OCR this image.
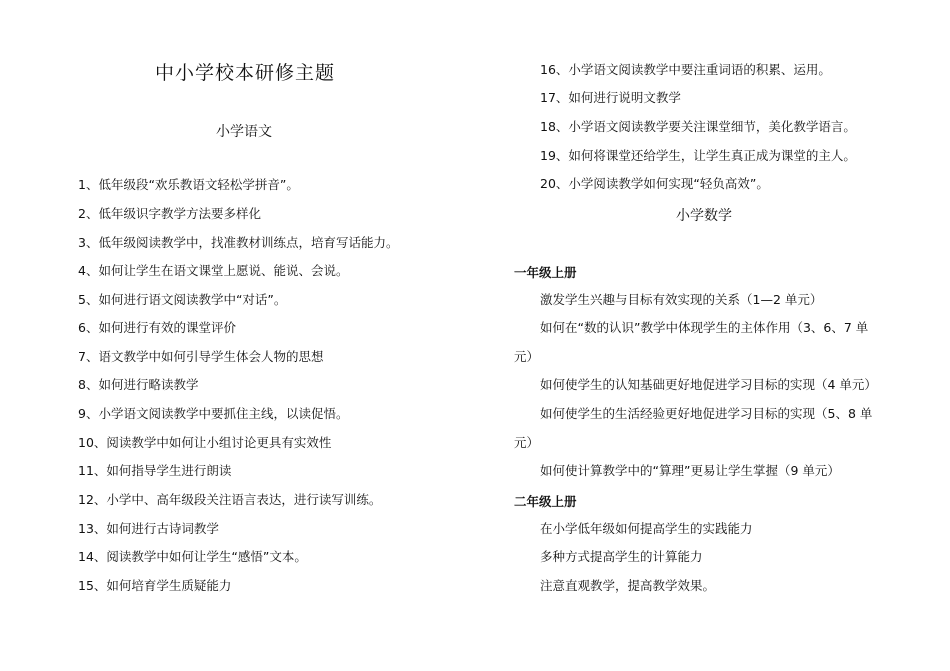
中小学校本研修主题
小学语文
1、低年级段“欢乐教语文轻松学拼音”。
2、低年级识字教学方法要多样化
3、低年级阅读教学中，找准教材训练点，培育写话能力。
4、如何让学生在语文课堂上愿说、能说、会说。
5、如何进行语文阅读教学中“对话”。
6、如何进行有效的课堂评价
7、语文教学中如何引导学生体会人物的思想
8、如何进行略读教学
9、小学语文阅读教学中要抓住主线，以读促悟。
10、阅读教学中如何让小组讨论更具有实效性
11、如何指导学生进行朗读
12、小学中、高年级段关注语言表达，进行读写训练。
13、如何进行古诗词教学
14、阅读教学中如何让学生“感悟”文本。
15、如何培育学生质疑能力
16、小学语文阅读教学中要注重词语的积累、运用。
17、如何进行说明文教学
18、小学语文阅读教学要关注课堂细节，美化教学语言。
19、如何将课堂还给学生，让学生真正成为课堂的主人。
20、小学阅读教学如何实现“轻负高效”。
小学数学
一年级上册
激发学生兴趣与目标有效实现的关系（1—2 单元）
如何在“数的认识”教学中体现学生的主体作用（3、6、7 单
元）
如何使学生的认知基础更好地促进学习目标的实现（4 单元）
如何使学生的生活经验更好地促进学习目标的实现（5、8 单
元）
如何使计算教学中的“算理”更易让学生掌握（9 单元）
二年级上册
在小学低年级如何提高学生的实践能力
多种方式提高学生的计算能力
注意直观教学，提高教学效果。
